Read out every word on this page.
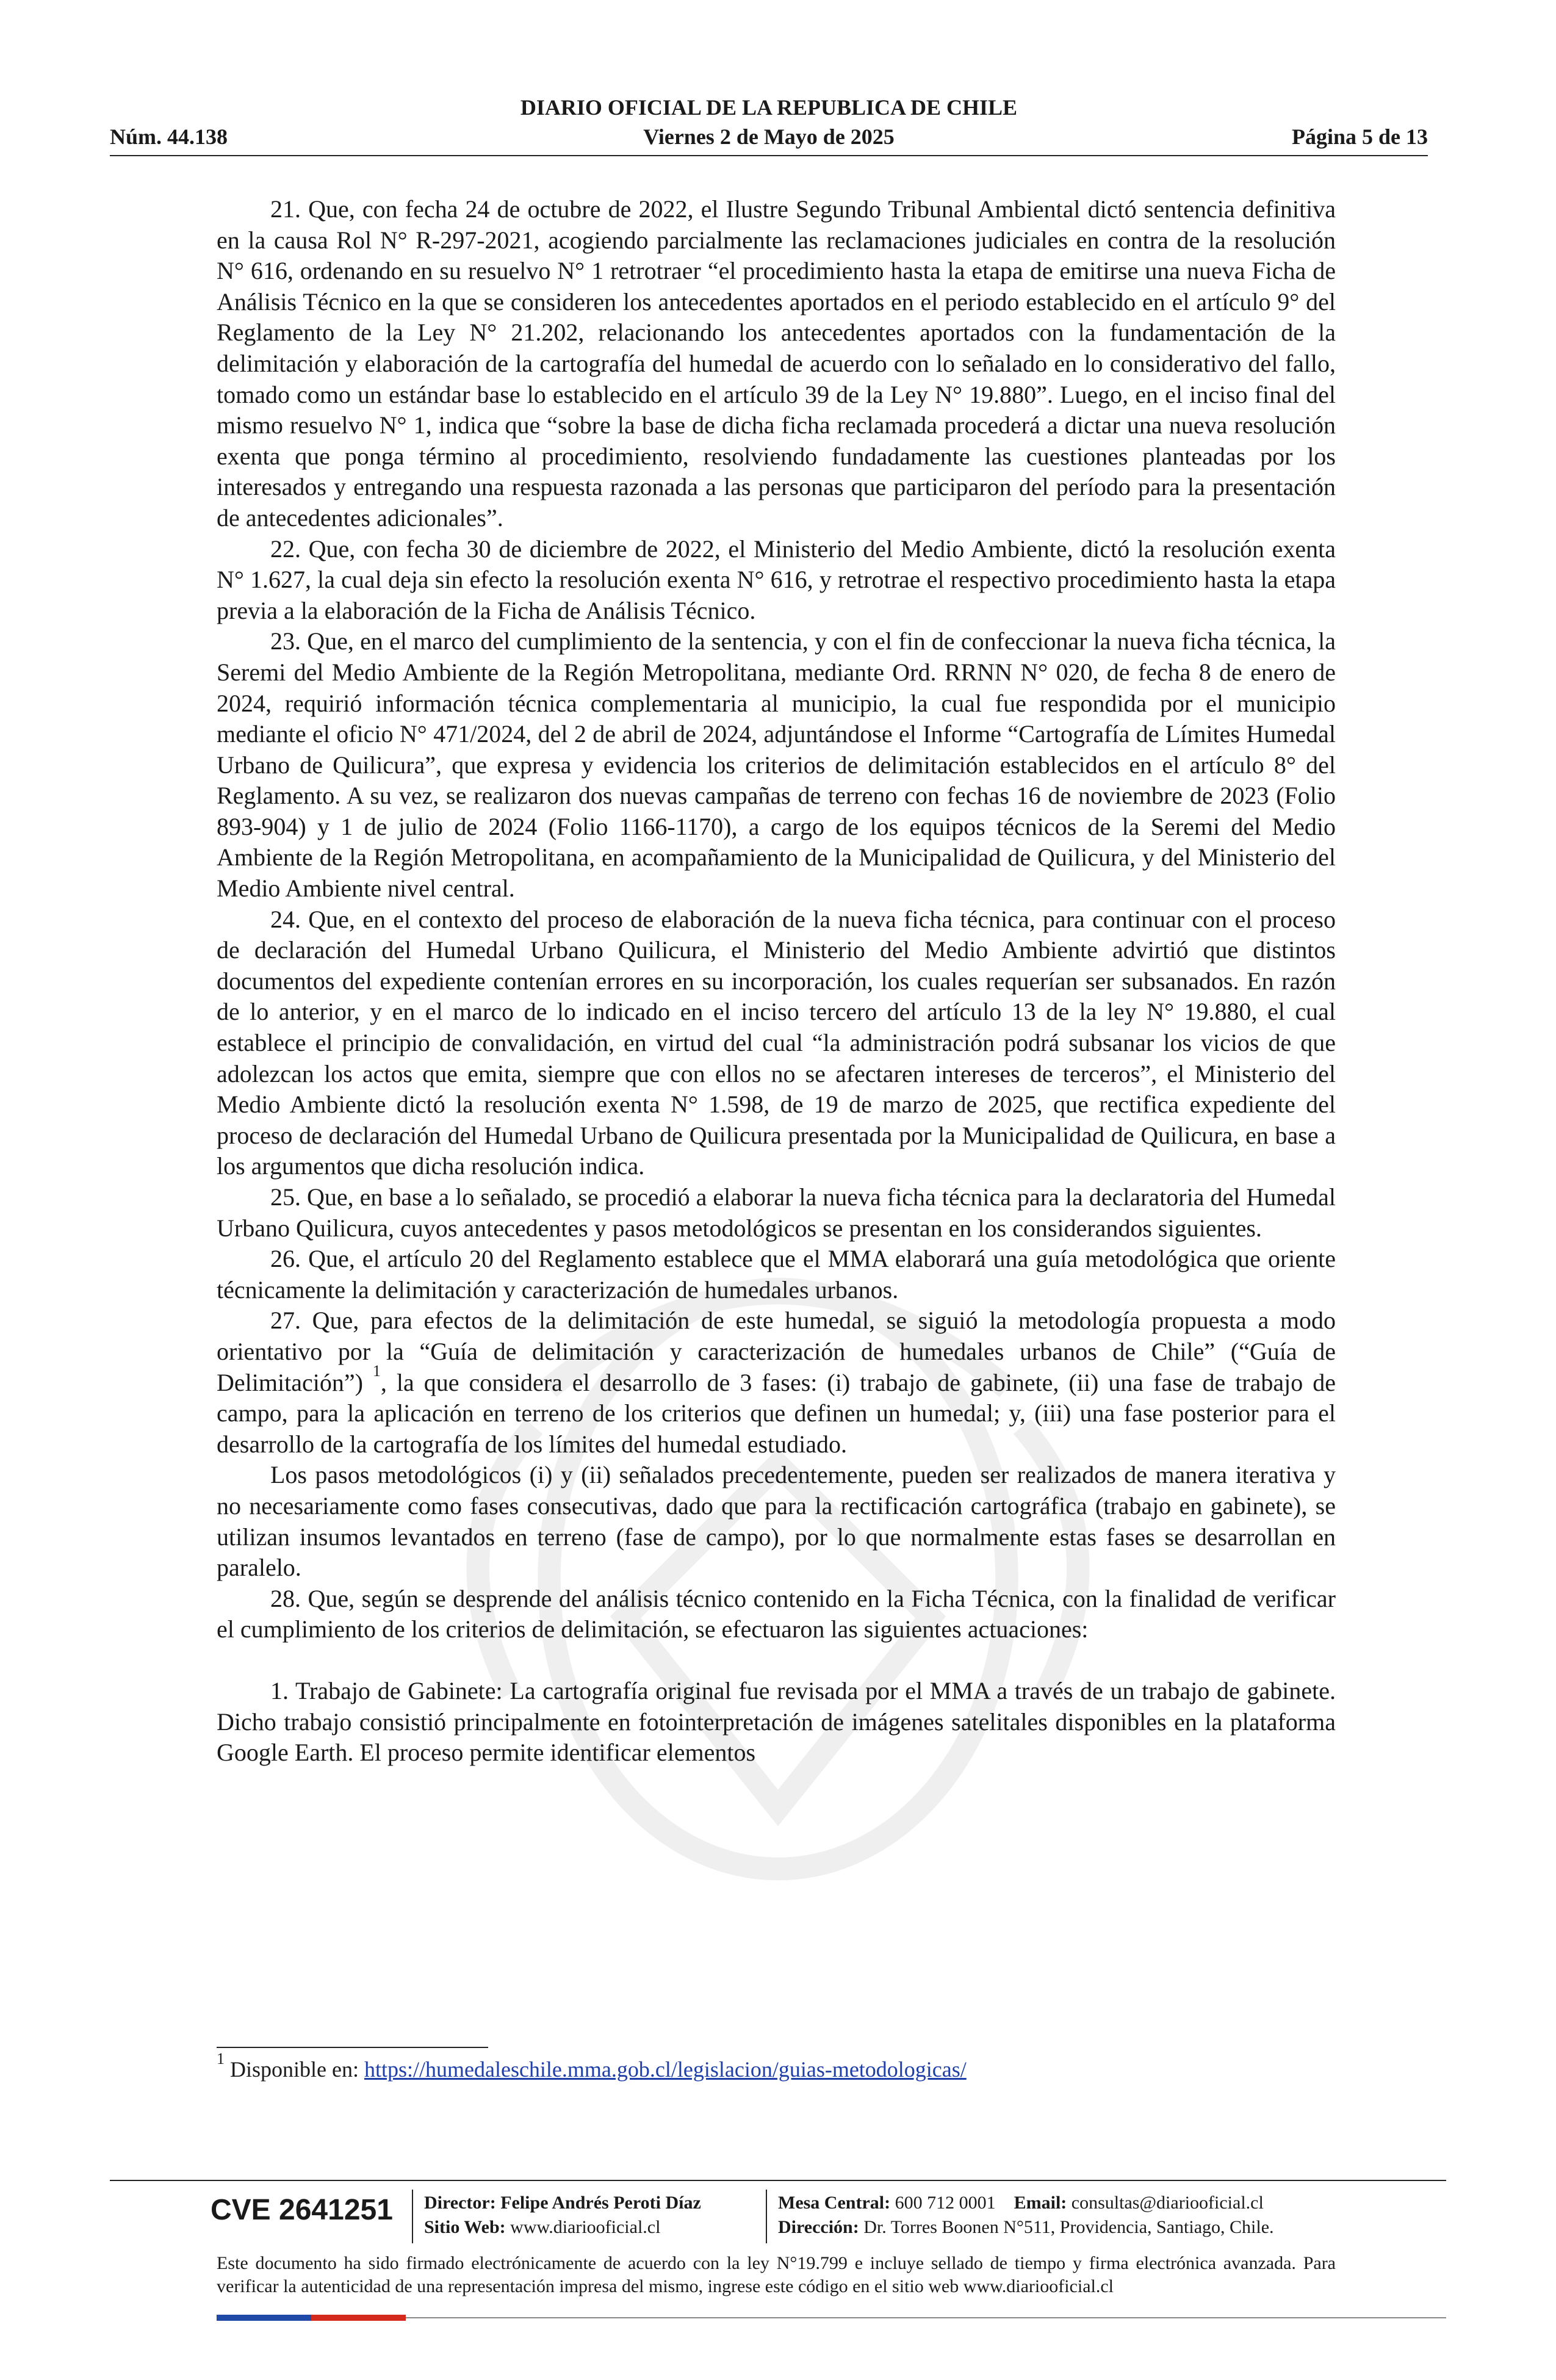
DIARIO OFICIAL DE LA REPUBLICA DE CHILE
Núm. 44.138	Viernes 2 de Mayo de 2025	Página 5 de 13

21. Que, con fecha 24 de octubre de 2022, el Ilustre Segundo Tribunal Ambiental dictó sentencia definitiva en la causa Rol N° R-297-2021, acogiendo parcialmente las reclamaciones judiciales en contra de la resolución N° 616, ordenando en su resuelvo N° 1 retrotraer “el procedimiento hasta la etapa de emitirse una nueva Ficha de Análisis Técnico en la que se consideren los antecedentes aportados en el periodo establecido en el artículo 9° del Reglamento de la Ley N° 21.202, relacionando los antecedentes aportados con la fundamentación de la delimitación y elaboración de la cartografía del humedal de acuerdo con lo señalado en lo considerativo del fallo, tomado como un estándar base lo establecido en el artículo 39 de la Ley N° 19.880”. Luego, en el inciso final del mismo resuelvo N° 1, indica que “sobre la base de dicha ficha reclamada procederá a dictar una nueva resolución exenta que ponga término al procedimiento, resolviendo fundadamente las cuestiones planteadas por los interesados y entregando una respuesta razonada a las personas que participaron del período para la presentación de antecedentes adicionales”.

22. Que, con fecha 30 de diciembre de 2022, el Ministerio del Medio Ambiente, dictó la resolución exenta N° 1.627, la cual deja sin efecto la resolución exenta N° 616, y retrotrae el respectivo procedimiento hasta la etapa previa a la elaboración de la Ficha de Análisis Técnico.

23. Que, en el marco del cumplimiento de la sentencia, y con el fin de confeccionar la nueva ficha técnica, la Seremi del Medio Ambiente de la Región Metropolitana, mediante Ord. RRNN N° 020, de fecha 8 de enero de 2024, requirió información técnica complementaria al municipio, la cual fue respondida por el municipio mediante el oficio N° 471/2024, del 2 de abril de 2024, adjuntándose el Informe “Cartografía de Límites Humedal Urbano de Quilicura”, que expresa y evidencia los criterios de delimitación establecidos en el artículo 8° del Reglamento. A su vez, se realizaron dos nuevas campañas de terreno con fechas 16 de noviembre de 2023 (Folio 893-904) y 1 de julio de 2024 (Folio 1166-1170), a cargo de los equipos técnicos de la Seremi del Medio Ambiente de la Región Metropolitana, en acompañamiento de la Municipalidad de Quilicura, y del Ministerio del Medio Ambiente nivel central.

24. Que, en el contexto del proceso de elaboración de la nueva ficha técnica, para continuar con el proceso de declaración del Humedal Urbano Quilicura, el Ministerio del Medio Ambiente advirtió que distintos documentos del expediente contenían errores en su incorporación, los cuales requerían ser subsanados. En razón de lo anterior, y en el marco de lo indicado en el inciso tercero del artículo 13 de la ley N° 19.880, el cual establece el principio de convalidación, en virtud del cual “la administración podrá subsanar los vicios de que adolezcan los actos que emita, siempre que con ellos no se afectaren intereses de terceros”, el Ministerio del Medio Ambiente dictó la resolución exenta N° 1.598, de 19 de marzo de 2025, que rectifica expediente del proceso de declaración del Humedal Urbano de Quilicura presentada por la Municipalidad de Quilicura, en base a los argumentos que dicha resolución indica.

25. Que, en base a lo señalado, se procedió a elaborar la nueva ficha técnica para la declaratoria del Humedal Urbano Quilicura, cuyos antecedentes y pasos metodológicos se presentan en los considerandos siguientes.

26. Que, el artículo 20 del Reglamento establece que el MMA elaborará una guía metodológica que oriente técnicamente la delimitación y caracterización de humedales urbanos.

27. Que, para efectos de la delimitación de este humedal, se siguió la metodología propuesta a modo orientativo por la “Guía de delimitación y caracterización de humedales urbanos de Chile” (“Guía de Delimitación”) $^1$, la que considera el desarrollo de 3 fases: (i) trabajo de gabinete, (ii) una fase de trabajo de campo, para la aplicación en terreno de los criterios que definen un humedal; y, (iii) una fase posterior para el desarrollo de la cartografía de los límites del humedal estudiado.

Los pasos metodológicos (i) y (ii) señalados precedentemente, pueden ser realizados de manera iterativa y no necesariamente como fases consecutivas, dado que para la rectificación cartográfica (trabajo en gabinete), se utilizan insumos levantados en terreno (fase de campo), por lo que normalmente estas fases se desarrollan en paralelo.

28. Que, según se desprende del análisis técnico contenido en la Ficha Técnica, con la finalidad de verificar el cumplimiento de los criterios de delimitación, se efectuaron las siguientes actuaciones:

1. Trabajo de Gabinete: La cartografía original fue revisada por el MMA a través de un trabajo de gabinete. Dicho trabajo consistió principalmente en fotointerpretación de imágenes satelitales disponibles en la plataforma Google Earth. El proceso permite identificar elementos

$^1$ Disponible en: https://humedaleschile.mma.gob.cl/legislacion/guias-metodologicas/
CVE 2641251 Director: Felipe Andrés Peroti Díaz
Sitio Web: www.diariooficial.cl
Mesa Central: 600 712 0001 Email: consultas@diariooficial.cl
Dirección: Dr. Torres Boonen N°511, Providencia, Santiago, Chile.
Este documento ha sido firmado electrónicamente de acuerdo con la ley N°19.799 e incluye sellado de tiempo y firma electrónica avanzada. Para verificar la autenticidad de una representación impresa del mismo, ingrese este código en el sitio web www.diariooficial.cl
